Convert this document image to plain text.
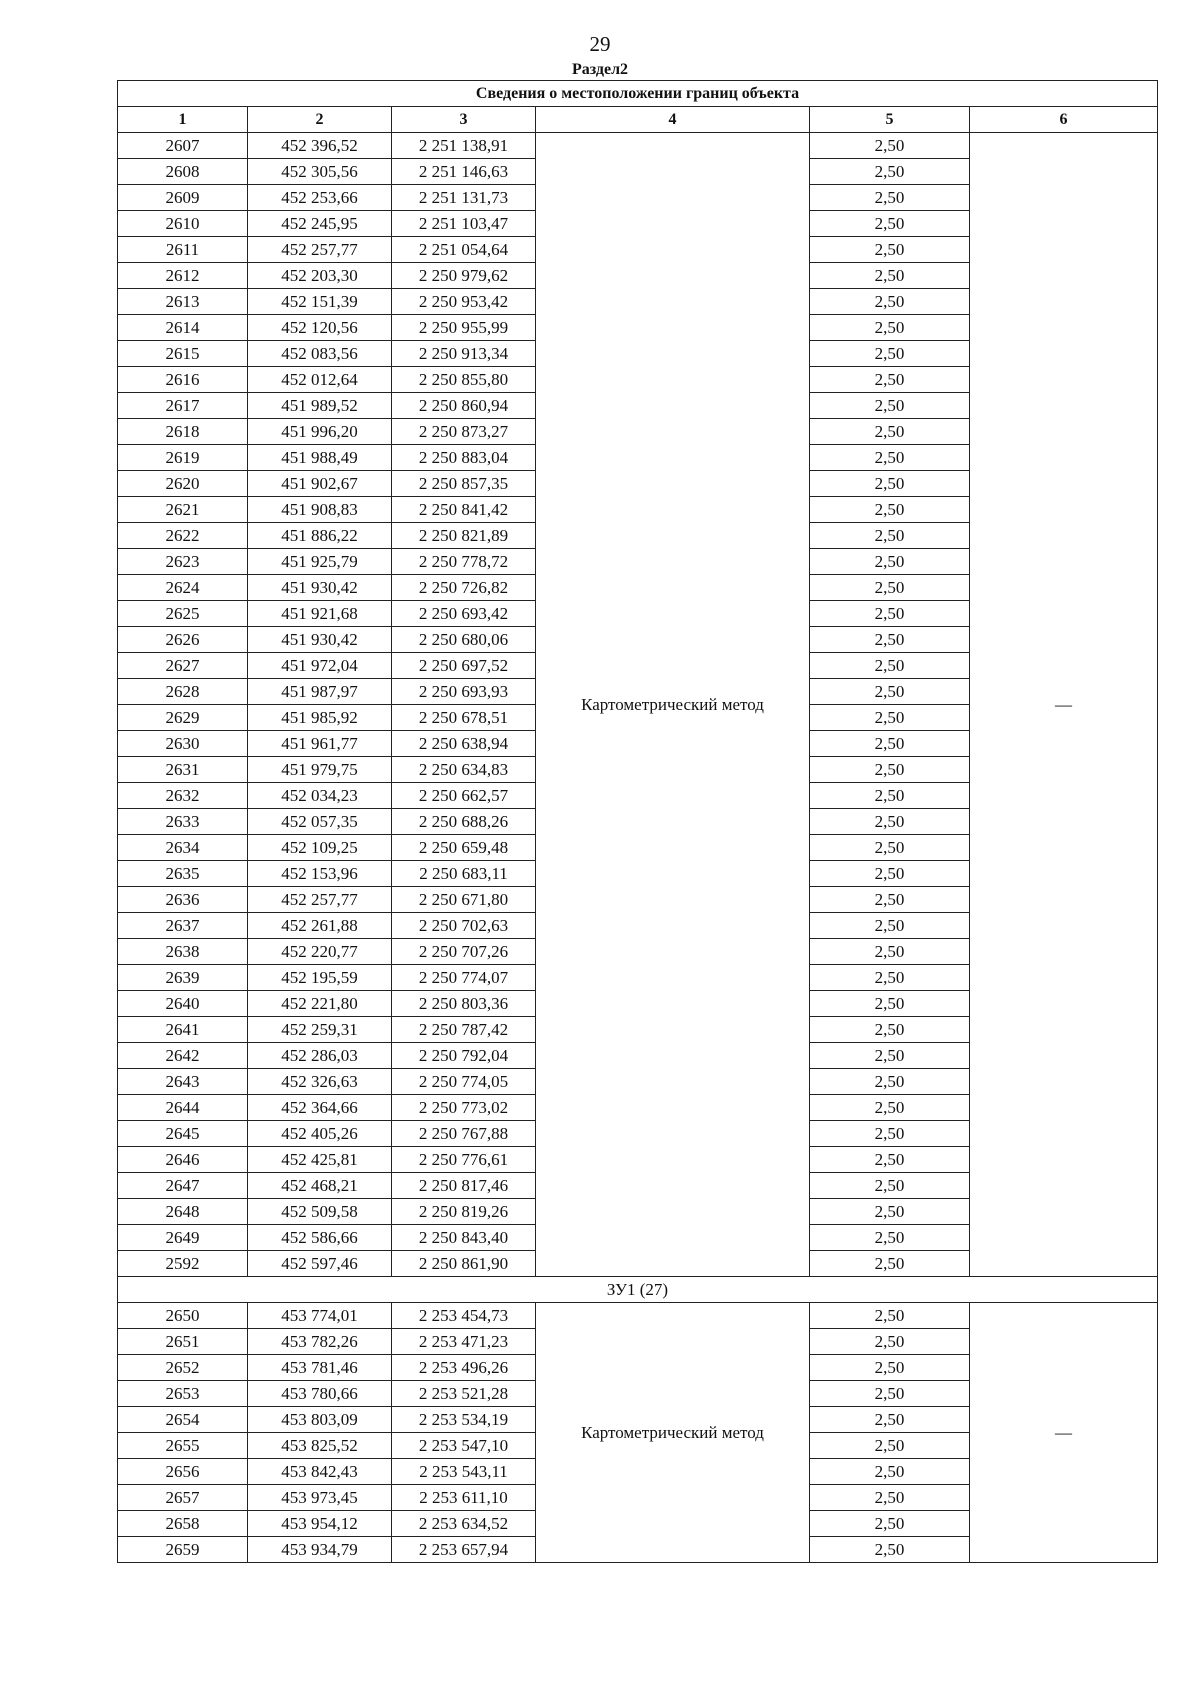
29
Раздел2
Сведения о местоположении границ объекта					
1	2	3	4	5	6
2607	452 396,52	2 251 138,91	Картометрический метод	2,50	—
2608	452 305,56	2 251 146,63		2,50	
2609	452 253,66	2 251 131,73		2,50	
2610	452 245,95	2 251 103,47		2,50	
2611	452 257,77	2 251 054,64		2,50	
2612	452 203,30	2 250 979,62		2,50	
2613	452 151,39	2 250 953,42		2,50	
2614	452 120,56	2 250 955,99		2,50	
2615	452 083,56	2 250 913,34		2,50	
2616	452 012,64	2 250 855,80		2,50	
2617	451 989,52	2 250 860,94		2,50	
2618	451 996,20	2 250 873,27		2,50	
2619	451 988,49	2 250 883,04		2,50	
2620	451 902,67	2 250 857,35		2,50	
2621	451 908,83	2 250 841,42		2,50	
2622	451 886,22	2 250 821,89		2,50	
2623	451 925,79	2 250 778,72		2,50	
2624	451 930,42	2 250 726,82		2,50	
2625	451 921,68	2 250 693,42		2,50	
2626	451 930,42	2 250 680,06		2,50	
2627	451 972,04	2 250 697,52		2,50	
2628	451 987,97	2 250 693,93		2,50	
2629	451 985,92	2 250 678,51		2,50	
2630	451 961,77	2 250 638,94		2,50	
2631	451 979,75	2 250 634,83		2,50	
2632	452 034,23	2 250 662,57		2,50	
2633	452 057,35	2 250 688,26		2,50	
2634	452 109,25	2 250 659,48		2,50	
2635	452 153,96	2 250 683,11		2,50	
2636	452 257,77	2 250 671,80		2,50	
2637	452 261,88	2 250 702,63		2,50	
2638	452 220,77	2 250 707,26		2,50	
2639	452 195,59	2 250 774,07		2,50	
2640	452 221,80	2 250 803,36		2,50	
2641	452 259,31	2 250 787,42		2,50	
2642	452 286,03	2 250 792,04		2,50	
2643	452 326,63	2 250 774,05		2,50	
2644	452 364,66	2 250 773,02		2,50	
2645	452 405,26	2 250 767,88		2,50	
2646	452 425,81	2 250 776,61		2,50	
2647	452 468,21	2 250 817,46		2,50	
2648	452 509,58	2 250 819,26		2,50	
2649	452 586,66	2 250 843,40		2,50	
2592	452 597,46	2 250 861,90		2,50	
ЗУ1 (27)					
2650	453 774,01	2 253 454,73	Картометрический метод	2,50	—
2651	453 782,26	2 253 471,23		2,50	
2652	453 781,46	2 253 496,26		2,50	
2653	453 780,66	2 253 521,28		2,50	
2654	453 803,09	2 253 534,19		2,50	
2655	453 825,52	2 253 547,10		2,50	
2656	453 842,43	2 253 543,11		2,50	
2657	453 973,45	2 253 611,10		2,50	
2658	453 954,12	2 253 634,52		2,50	
2659	453 934,79	2 253 657,94		2,50	
